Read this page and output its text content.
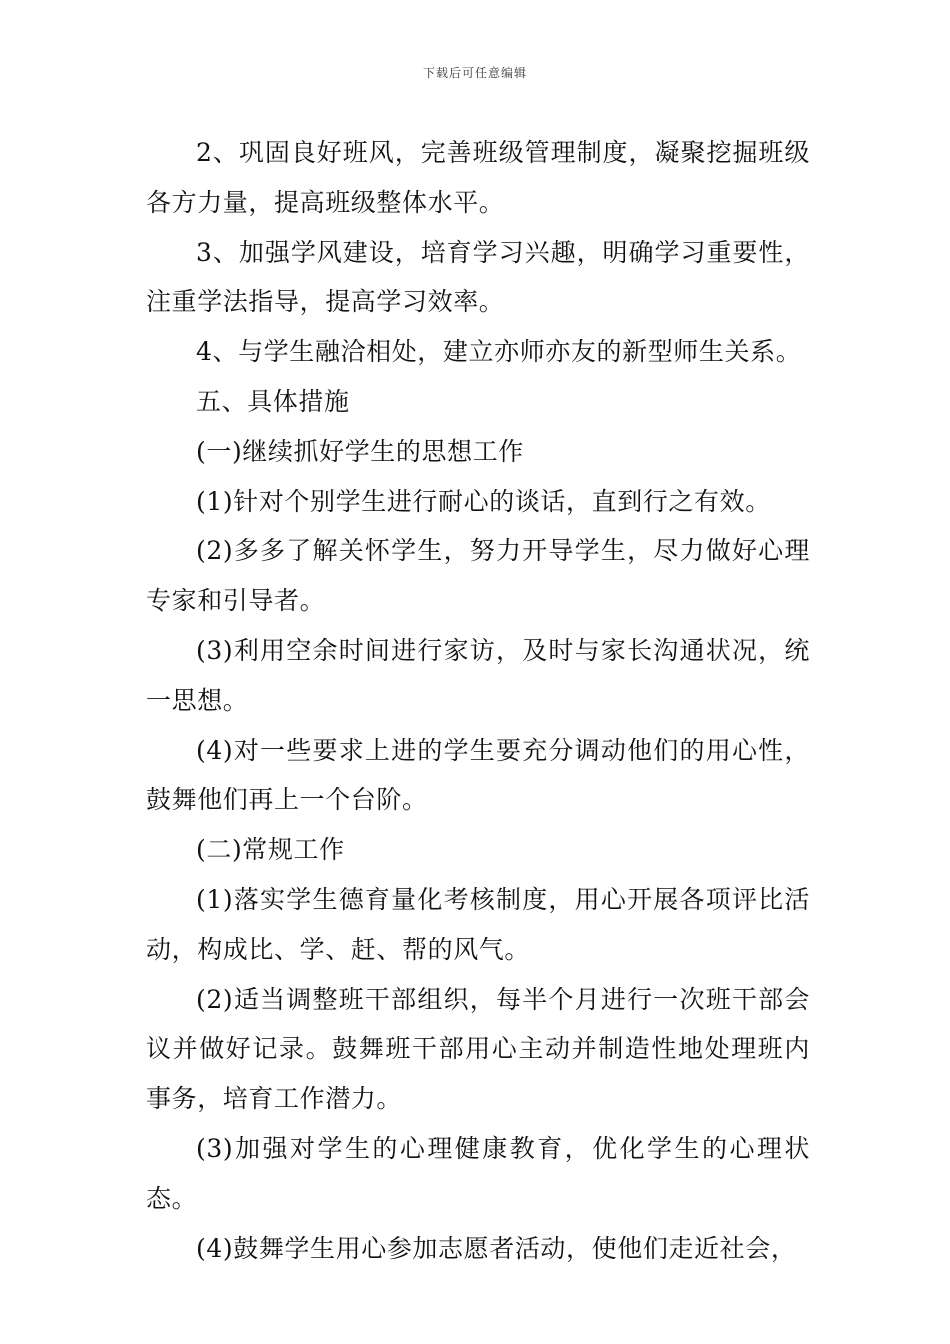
下载后可任意编辑

2、巩固良好班风，完善班级管理制度，凝聚挖掘班级各方力量，提高班级整体水平。

3、加强学风建设，培育学习兴趣，明确学习重要性，注重学法指导，提高学习效率。

4、与学生融洽相处，建立亦师亦友的新型师生关系。

五、具体措施

(一)继续抓好学生的思想工作

(1)针对个别学生进行耐心的谈话，直到行之有效。

(2)多多了解关怀学生，努力开导学生，尽力做好心理专家和引导者。

(3)利用空余时间进行家访，及时与家长沟通状况，统一思想。

(4)对一些要求上进的学生要充分调动他们的用心性，鼓舞他们再上一个台阶。

(二)常规工作

(1)落实学生德育量化考核制度，用心开展各项评比活动，构成比、学、赶、帮的风气。

(2)适当调整班干部组织，每半个月进行一次班干部会议并做好记录。鼓舞班干部用心主动并制造性地处理班内事务，培育工作潜力。

(3)加强对学生的心理健康教育，优化学生的心理状态。

(4)鼓舞学生用心参加志愿者活动，使他们走近社会，
